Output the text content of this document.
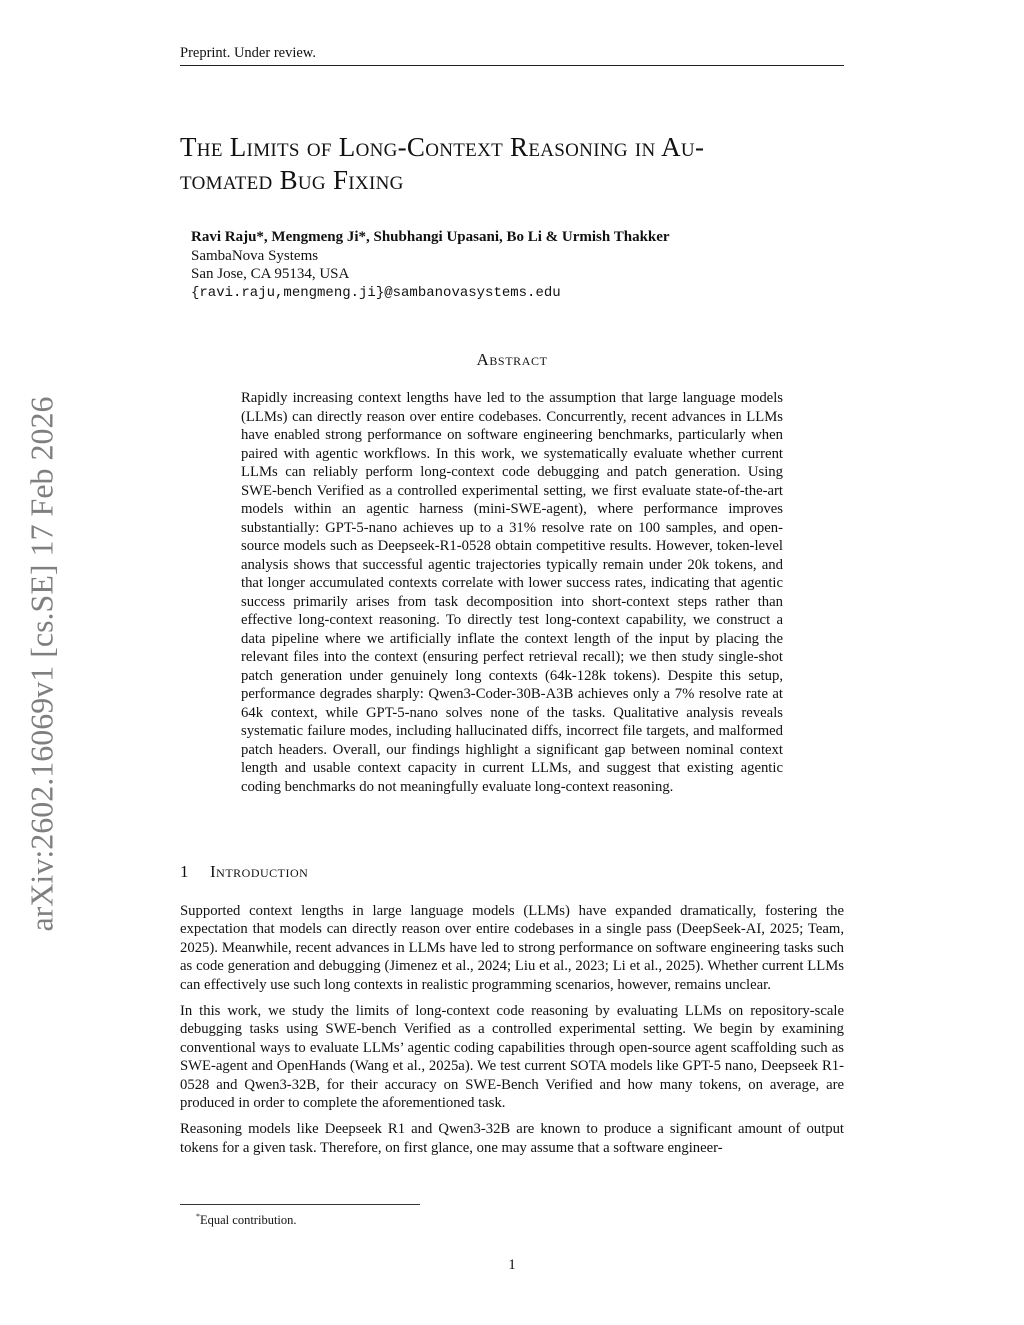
Preprint. Under review.
arXiv:2602.16069v1 [cs.SE] 17 Feb 2026
The Limits of Long-Context Reasoning in Au-
tomated Bug Fixing
Ravi Raju*, Mengmeng Ji*, Shubhangi Upasani, Bo Li & Urmish Thakker
SambaNova Systems
San Jose, CA 95134, USA
{ravi.raju,mengmeng.ji}@sambanovasystems.edu
Abstract
Rapidly increasing context lengths have led to the assumption that large language models (LLMs) can directly reason over entire codebases. Concurrently, recent advances in LLMs have enabled strong performance on software engineering benchmarks, particularly when paired with agentic workflows. In this work, we systematically evaluate whether current LLMs can reliably perform long-context code debugging and patch generation. Using SWE-bench Verified as a controlled experimental setting, we first evaluate state-of-the-art models within an agentic harness (mini-SWE-agent), where performance improves substantially: GPT-5-nano achieves up to a 31% resolve rate on 100 samples, and open-source models such as Deepseek-R1-0528 obtain competitive results. However, token-level analysis shows that successful agentic trajectories typically remain under 20k tokens, and that longer accumulated contexts correlate with lower success rates, indicating that agentic success primarily arises from task decomposition into short-context steps rather than effective long-context reasoning. To directly test long-context capability, we construct a data pipeline where we artificially inflate the context length of the input by placing the relevant files into the context (ensuring perfect retrieval recall); we then study single-shot patch generation under genuinely long contexts (64k-128k tokens). Despite this setup, performance degrades sharply: Qwen3-Coder-30B-A3B achieves only a 7% resolve rate at 64k context, while GPT-5-nano solves none of the tasks. Qualitative analysis reveals systematic failure modes, including hallucinated diffs, incorrect file targets, and malformed patch headers. Overall, our findings highlight a significant gap between nominal context length and usable context capacity in current LLMs, and suggest that existing agentic coding benchmarks do not meaningfully evaluate long-context reasoning.
1 Introduction

Supported context lengths in large language models (LLMs) have expanded dramatically, fostering the expectation that models can directly reason over entire codebases in a single pass (DeepSeek-AI, 2025; Team, 2025). Meanwhile, recent advances in LLMs have led to strong performance on software engineering tasks such as code generation and debugging (Jimenez et al., 2024; Liu et al., 2023; Li et al., 2025). Whether current LLMs can effectively use such long contexts in realistic programming scenarios, however, remains unclear.

In this work, we study the limits of long-context code reasoning by evaluating LLMs on repository-scale debugging tasks using SWE-bench Verified as a controlled experimental setting. We begin by examining conventional ways to evaluate LLMs’ agentic coding capabilities through open-source agent scaffolding such as SWE-agent and OpenHands (Wang et al., 2025a). We test current SOTA models like GPT-5 nano, Deepseek R1-0528 and Qwen3-32B, for their accuracy on SWE-Bench Verified and how many tokens, on average, are produced in order to complete the aforementioned task.

Reasoning models like Deepseek R1 and Qwen3-32B are known to produce a significant amount of output tokens for a given task. Therefore, on first glance, one may assume that a software engineer-

*Equal contribution.
1
